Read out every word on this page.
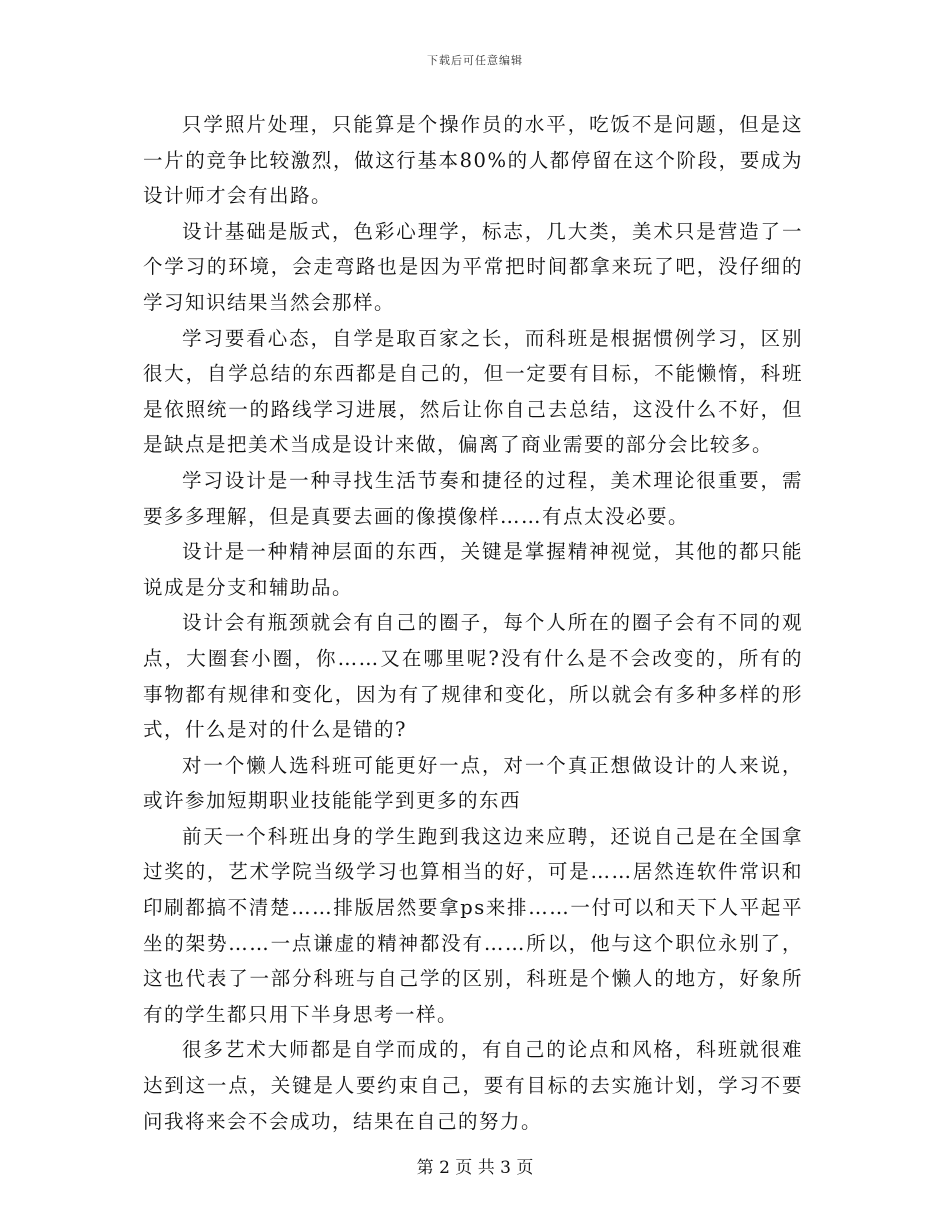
下载后可任意编辑

只学照片处理，只能算是个操作员的水平，吃饭不是问题，但是这一片的竞争比较激烈，做这行基本80%的人都停留在这个阶段，要成为设计师才会有出路。

设计基础是版式，色彩心理学，标志，几大类，美术只是营造了一个学习的环境，会走弯路也是因为平常把时间都拿来玩了吧，没仔细的学习知识结果当然会那样。

学习要看心态，自学是取百家之长，而科班是根据惯例学习，区别很大，自学总结的东西都是自己的，但一定要有目标，不能懒惰，科班是依照统一的路线学习进展，然后让你自己去总结，这没什么不好，但是缺点是把美术当成是设计来做，偏离了商业需要的部分会比较多。

学习设计是一种寻找生活节奏和捷径的过程，美术理论很重要，需要多多理解，但是真要去画的像摸像样……有点太没必要。

设计是一种精神层面的东西，关键是掌握精神视觉，其他的都只能说成是分支和辅助品。

设计会有瓶颈就会有自己的圈子，每个人所在的圈子会有不同的观点，大圈套小圈，你……又在哪里呢?没有什么是不会改变的，所有的事物都有规律和变化，因为有了规律和变化，所以就会有多种多样的形式，什么是对的什么是错的?

对一个懒人选科班可能更好一点，对一个真正想做设计的人来说，或许参加短期职业技能能学到更多的东西

前天一个科班出身的学生跑到我这边来应聘，还说自己是在全国拿过奖的，艺术学院当级学习也算相当的好，可是……居然连软件常识和印刷都搞不清楚……排版居然要拿ps来排……一付可以和天下人平起平坐的架势……一点谦虚的精神都没有……所以，他与这个职位永别了，这也代表了一部分科班与自己学的区别，科班是个懒人的地方，好象所有的学生都只用下半身思考一样。

很多艺术大师都是自学而成的，有自己的论点和风格，科班就很难达到这一点，关键是人要约束自己，要有目标的去实施计划，学习不要问我将来会不会成功，结果在自己的努力。

第 2 页 共 3 页
